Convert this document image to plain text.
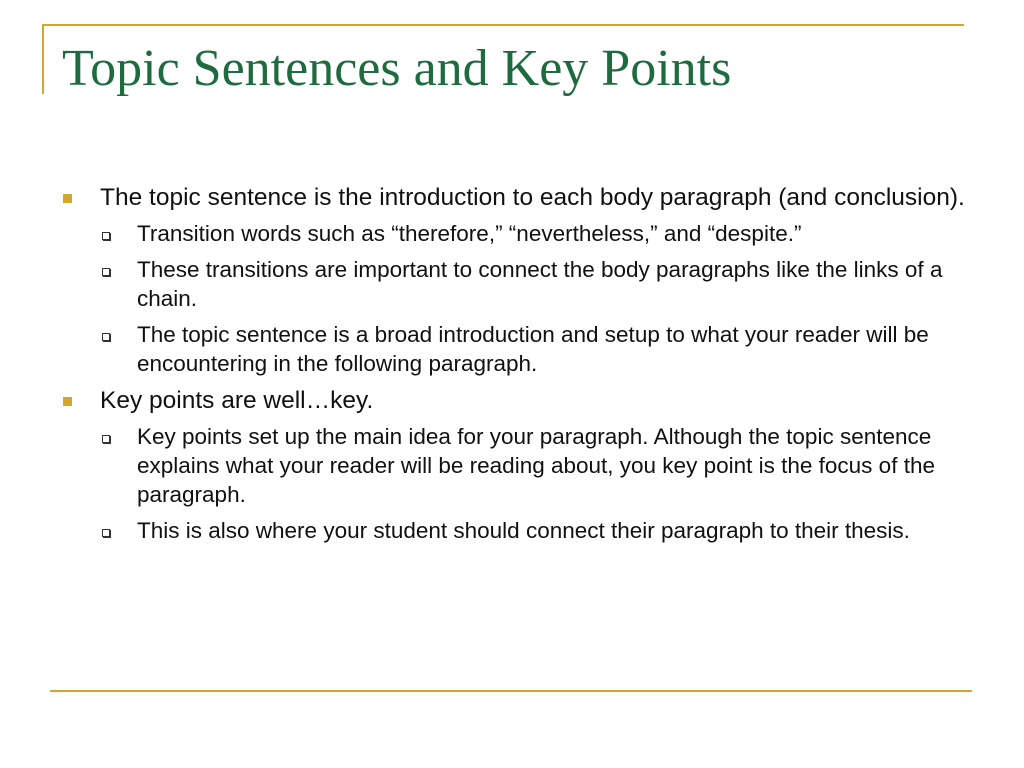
Topic Sentences and Key Points
The topic sentence is the introduction to each body paragraph (and conclusion).
Transition words such as “therefore,” “nevertheless,” and “despite.”
These transitions are important to connect the body paragraphs like the links of a chain.
The topic sentence is a broad introduction and setup to what your reader will be encountering in the following paragraph.
Key points are well…key.
Key points set up the main idea for your paragraph. Although the topic sentence explains what your reader will be reading about, you key point is the focus of the paragraph.
This is also where your student should connect their paragraph to their thesis.
